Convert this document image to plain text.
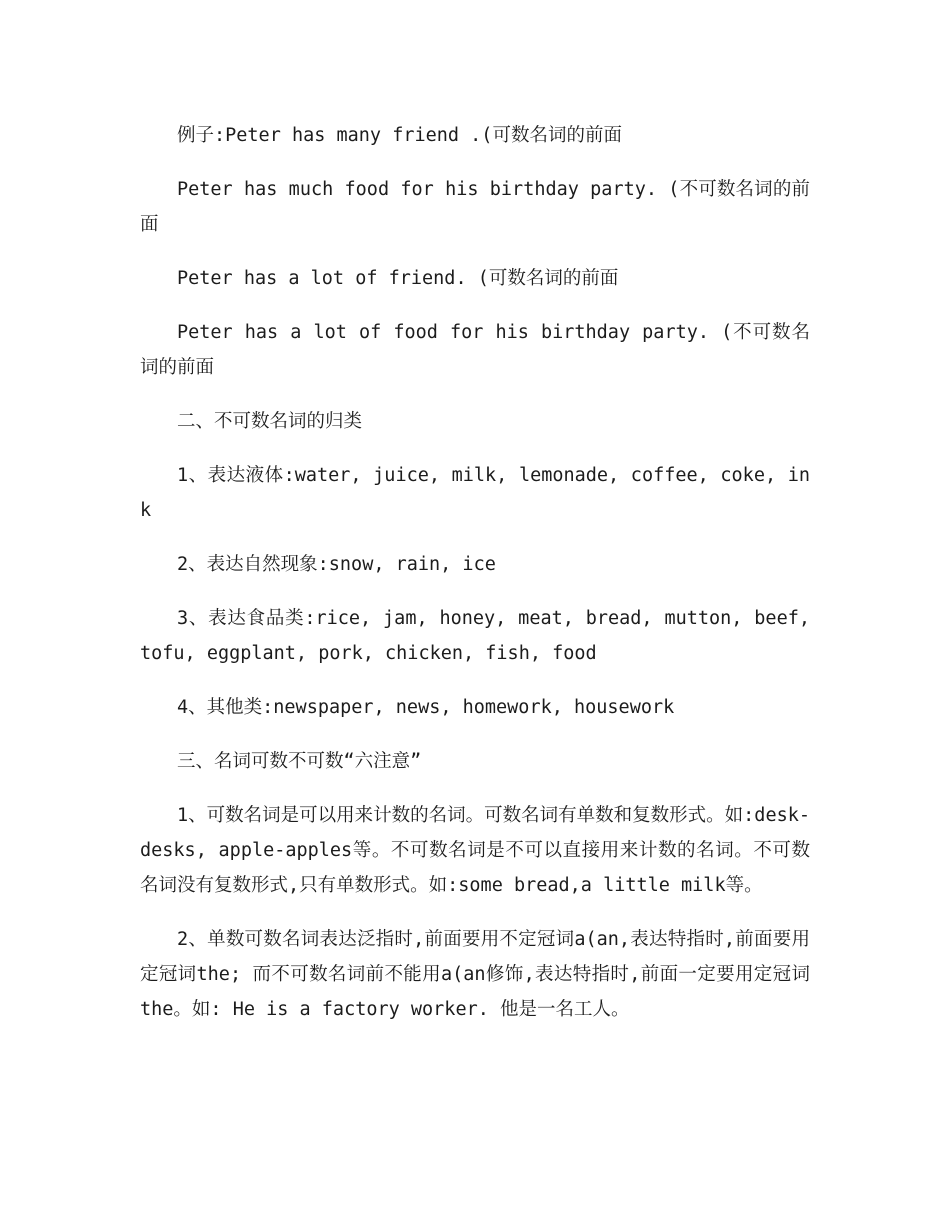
例子:Peter has many friend .(可数名词的前面

Peter has much food for his birthday party. (不可数名词的前面

Peter has a lot of friend. (可数名词的前面

Peter has a lot of food for his birthday party. (不可数名词的前面

二、不可数名词的归类

1、表达液体:water, juice, milk, lemonade, coffee, coke, ink

2、表达自然现象:snow, rain, ice

3、表达食品类:rice, jam, honey, meat, bread, mutton, beef, tofu, eggplant, pork, chicken, fish, food

4、其他类:newspaper, news, homework, housework

三、名词可数不可数“六注意”

1、可数名词是可以用来计数的名词。可数名词有单数和复数形式。如:desk-desks, apple-apples等。不可数名词是不可以直接用来计数的名词。不可数名词没有复数形式,只有单数形式。如:some bread,a little milk等。

2、单数可数名词表达泛指时,前面要用不定冠词a(an,表达特指时,前面要用定冠词the; 而不可数名词前不能用a(an修饰,表达特指时,前面一定要用定冠词the。如: He is a factory worker. 他是一名工人。
